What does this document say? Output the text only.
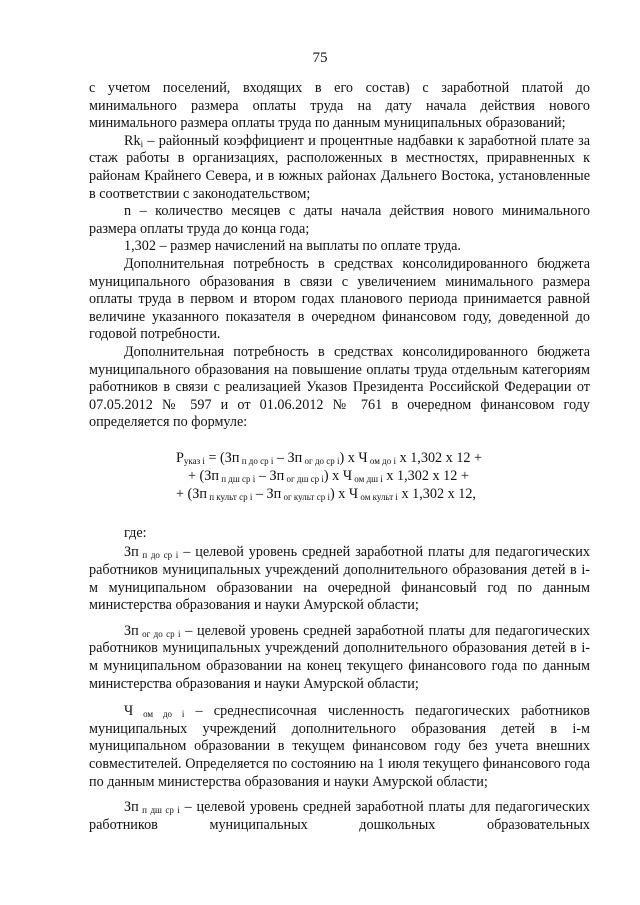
75

с учетом поселений, входящих в его состав) с заработной платой до минимального размера оплаты труда на дату начала действия нового минимального размера оплаты труда по данным муниципальных образований;

$Rk_i$ – районный коэффициент и процентные надбавки к заработной плате за стаж работы в организациях, расположенных в местностях, приравненных к районам Крайнего Севера, и в южных районах Дальнего Востока, установленные в соответствии с законодательством;

n – количество месяцев с даты начала действия нового минимального размера оплаты труда до конца года;

1,302 – размер начислений на выплаты по оплате труда.

Дополнительная потребность в средствах консолидированного бюджета муниципального образования в связи с увеличением минимального размера оплаты труда в первом и втором годах планового периода принимается равной величине указанного показателя в очередном финансовом году, доведенной до годовой потребности.

Дополнительная потребность в средствах консолидированного бюджета муниципального образования на повышение оплаты труда отдельным категориям работников в связи с реализацией Указов Президента Российской Федерации от 07.05.2012 № 597 и от 01.06.2012 № 761 в очередном финансовом году определяется по формуле:

$P_{указ i} = (Зп$ $_{п до ср i}$ – Зп $_{ог до ср i}$) x Ч $_{ом до i}$ x 1,302 x 12 +
+ (Зп $_{п дш ср i}$ – Зп $_{ог дш ср i}$) x Ч $_{ом дш i}$ x 1,302 x 12 +
+ (Зп $_{п культ ср i}$ – Зп $_{ог культ ср i}$) x Ч $_{ом культ i}$ x 1,302 x 12,

где:

Зп $_{п до ср i}$ – целевой уровень средней заработной платы для педагогических работников муниципальных учреждений дополнительного образования детей в i-м муниципальном образовании на очередной финансовый год по данным министерства образования и науки Амурской области;

Зп $_{ог до ср i}$ – целевой уровень средней заработной платы для педагогических работников муниципальных учреждений дополнительного образования детей в i-м муниципальном образовании на конец текущего финансового года по данным министерства образования и науки Амурской области;

Ч $_{ом до i}$ – среднесписочная численность педагогических работников муниципальных учреждений дополнительного образования детей в i-м муниципальном образовании в текущем финансовом году без учета внешних совместителей. Определяется по состоянию на 1 июля текущего финансового года по данным министерства образования и науки Амурской области;

Зп $_{п дш ср i}$ – целевой уровень средней заработной платы для педагогических работников муниципальных дошкольных образовательных
